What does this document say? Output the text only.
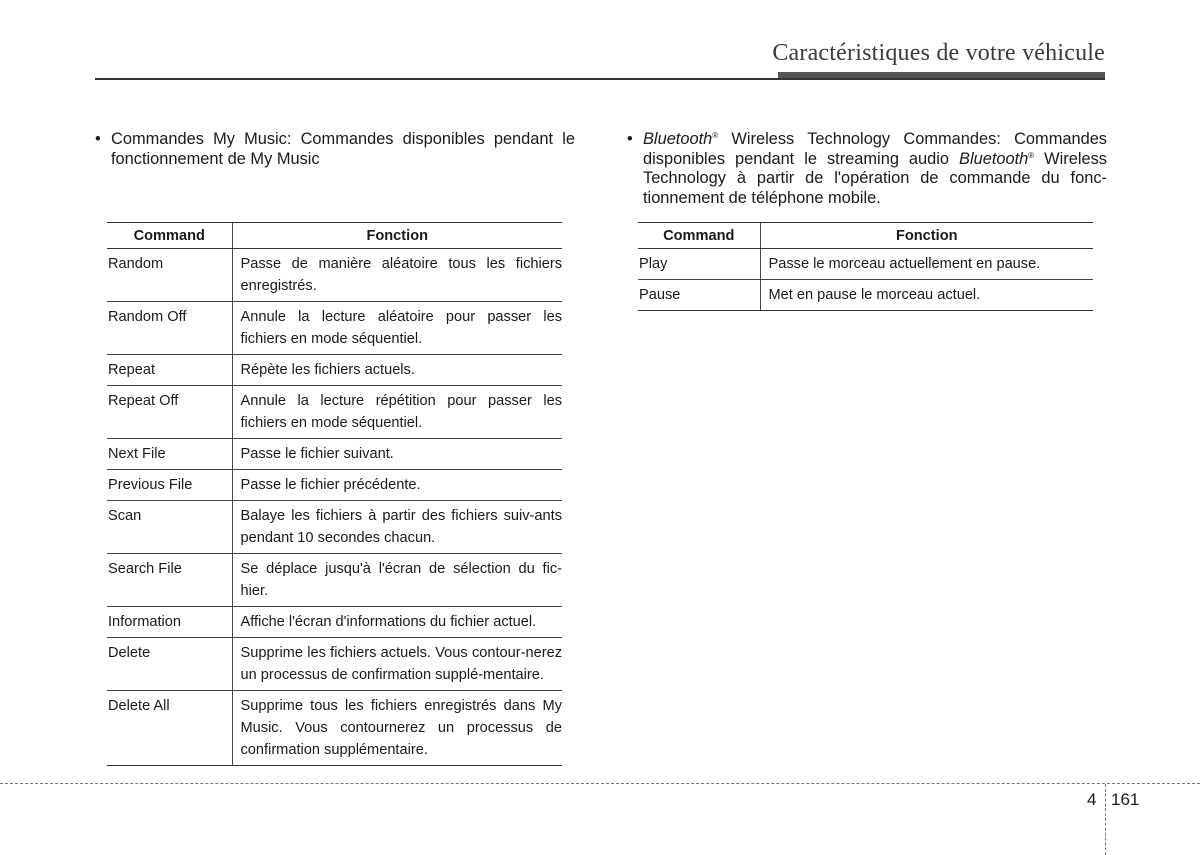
Caractéristiques de votre véhicule
• Commandes My Music: Commandes disponibles pendant le fonctionnement de My Music
Command	Fonction
Random	Passe de manière aléatoire tous les fichiers enregistrés.
Random Off	Annule la lecture aléatoire pour passer les fichiers en mode séquentiel.
Repeat	Répète les fichiers actuels.
Repeat Off	Annule la lecture répétition pour passer les fichiers en mode séquentiel.
Next File	Passe le fichier suivant.
Previous File	Passe le fichier précédente.
Scan	Balaye les fichiers à partir des fichiers suiv-ants pendant 10 secondes chacun.
Search File	Se déplace jusqu'à l'écran de sélection du fic-hier.
Information	Affiche l'écran d'informations du fichier actuel.
Delete	Supprime les fichiers actuels. Vous contour-nerez un processus de confirmation supplé-mentaire.
Delete All	Supprime tous les fichiers enregistrés dans My Music. Vous contournerez un processus de confirmation supplémentaire.
• Bluetooth® Wireless Technology Commandes: Commandes disponibles pendant le streaming audio Bluetooth® Wireless Technology à partir de l'opération de commande du fonc-tionnement de téléphone mobile.
Command	Fonction
Play	Passe le morceau actuellement en pause.
Pause	Met en pause le morceau actuel.
4 161
